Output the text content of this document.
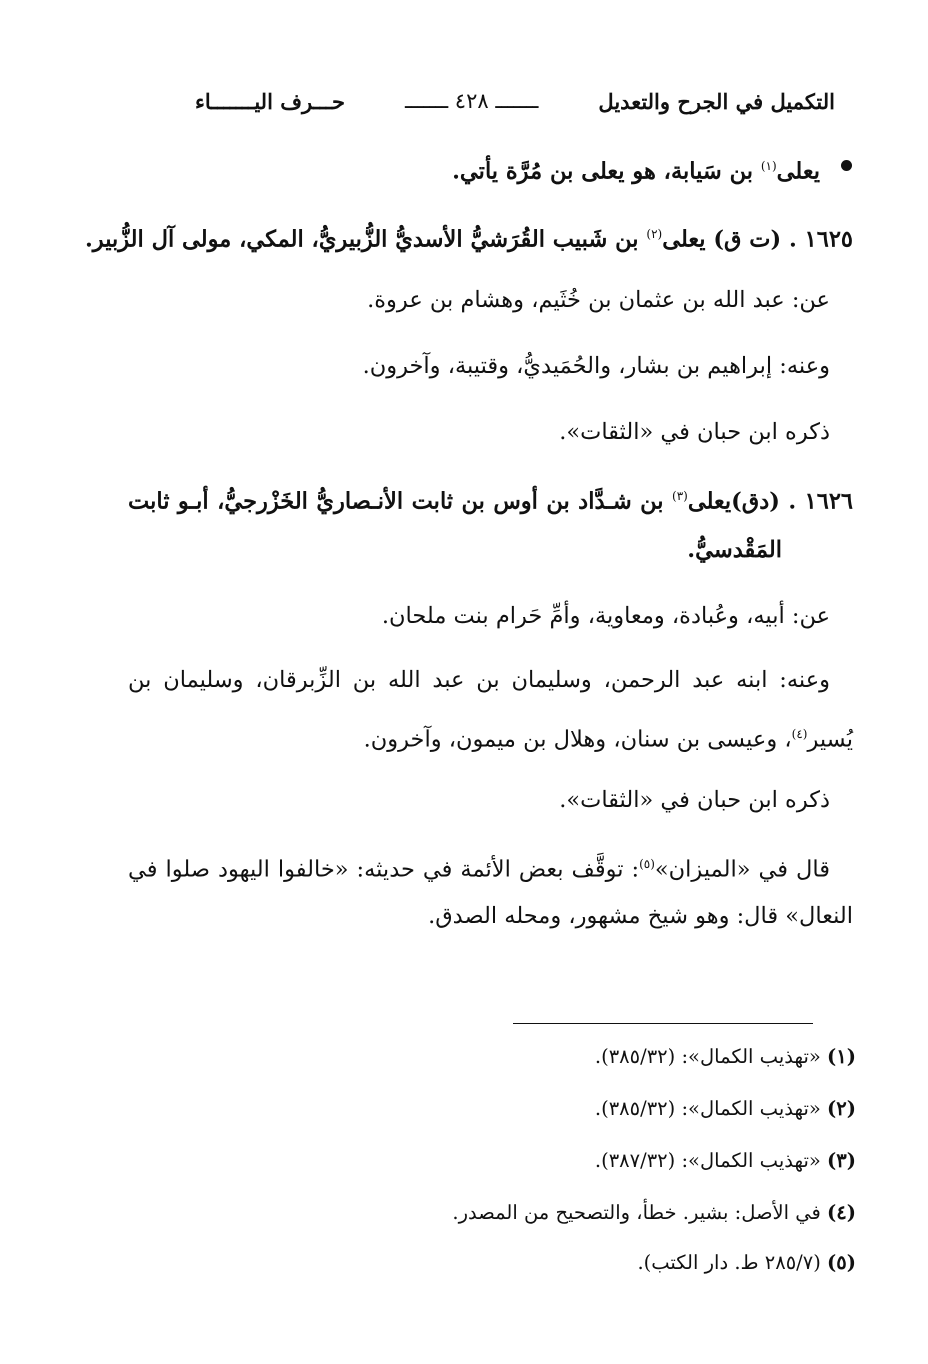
التكميل في الجرح والتعديل
ـــــــ ٤٢٨ ـــــــ
حـــرف اليـــــــاء
يعلى$^{(١)}$ بن سَيابة، هو يعلى بن مُرَّة يأتي.
١٦٢٥ . (ت ق) يعلى$^{(٢)}$ بن شَبيب القُرَشيُّ الأسديُّ الزُّبيريُّ، المكي، مولى آل الزُّبير.
عن: عبد الله بن عثمان بن خُثَيم، وهشام بن عروة.
وعنه: إبراهيم بن بشار، والحُمَيديُّ، وقتيبة، وآخرون.
ذكره ابن حبان في «الثقات».
١٦٢٦ . (دق)يعلى$^{(٣)}$ بن شـدَّاد بن أوس بن ثابت الأنـصاريُّ الخَزْرجيُّ، أبـو ثابت
المَقْدسيُّ.
عن: أبيه، وعُبادة، ومعاوية، وأمِّ حَرام بنت ملحان.
وعنه: ابنه عبد الرحمن، وسليمان بن عبد الله بن الزِّبرقان، وسليمان بن
يُسير$^{(٤)}$، وعيسى بن سنان، وهلال بن ميمون، وآخرون.
ذكره ابن حبان في «الثقات».
قال في «الميزان»$^{(٥)}$: توقَّف بعض الأئمة في حديثه: «خالفوا اليهود صلوا في
النعال» قال: وهو شيخ مشهور، ومحله الصدق.
(١) «تهذيب الكمال»: (٣٨٥/٣٢).
(٢) «تهذيب الكمال»: (٣٨٥/٣٢).
(٣) «تهذيب الكمال»: (٣٨٧/٣٢).
(٤) في الأصل: بشير. خطأ، والتصحيح من المصدر.
(٥) (٢٨٥/٧ ط. دار الكتب).
